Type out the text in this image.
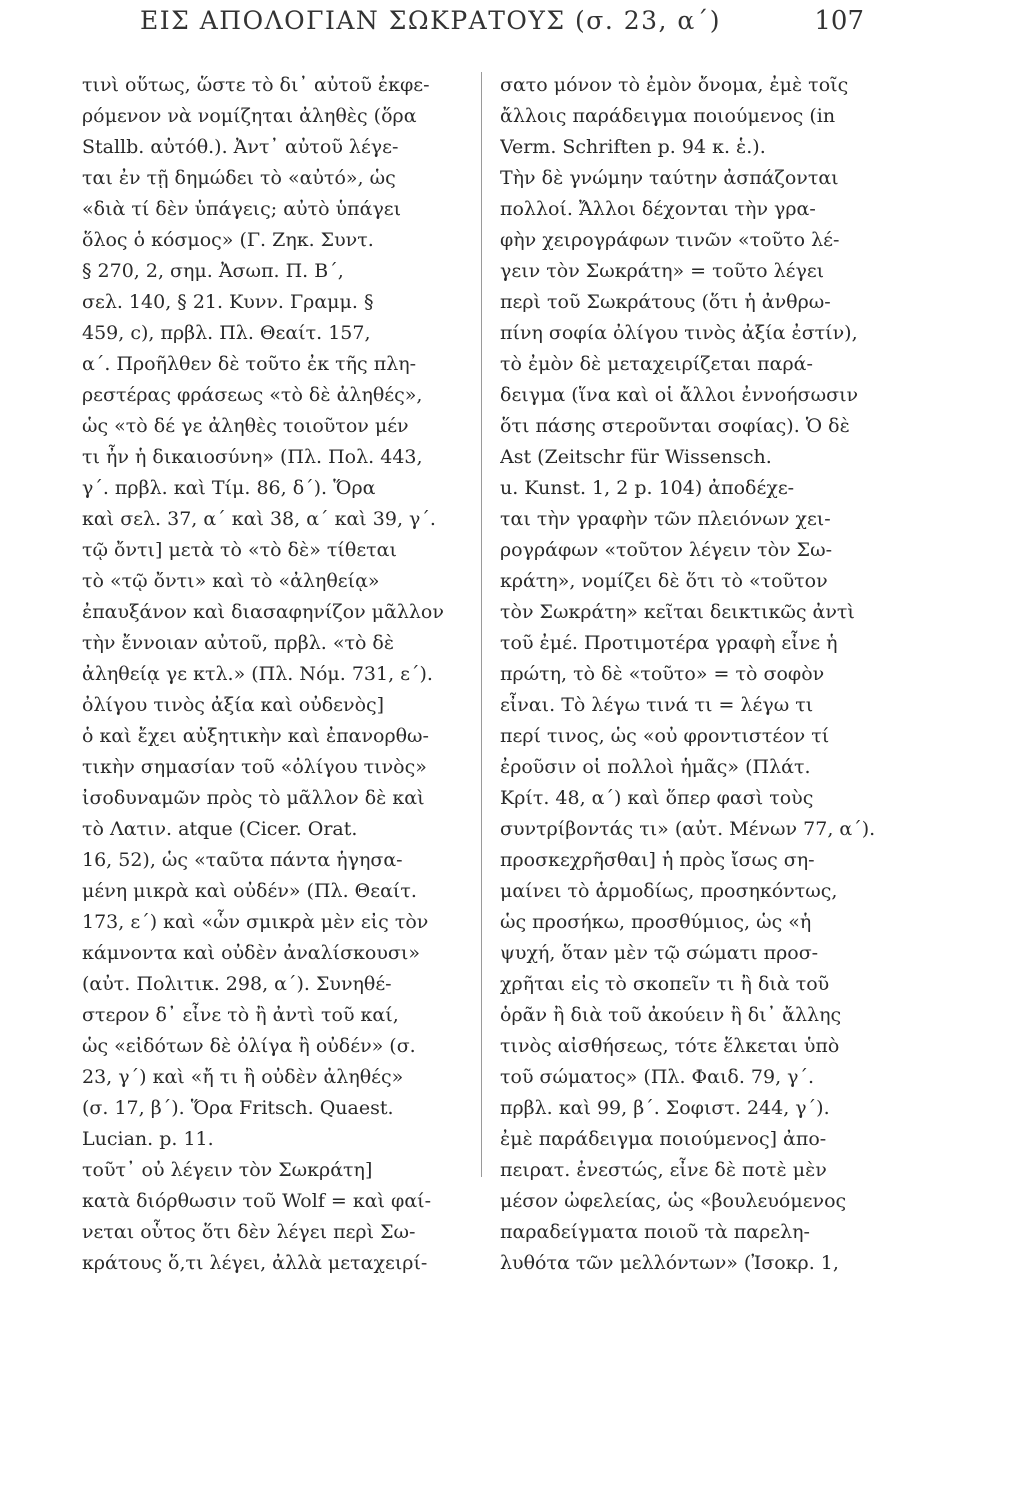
ΕΙΣ ΑΠΟΛΟΓΙΑΝ ΣΩΚΡΑΤΟΥΣ (σ. 23, α΄)	107
τινὶ οὕτως, ὥστε τὸ δι᾿ αὐτοῦ ἐκφε-
ρόμενον νὰ νομίζηται ἀληθὲς (ὅρα
Stallb. αὐτόθ.). Ἀντ᾿ αὐτοῦ λέγε-
ται ἐν τῇ δημώδει τὸ «αὐτό», ὡς
«διὰ τί δὲν ὑπάγεις; αὐτὸ ὑπάγει
ὅλος ὁ κόσμος» (Γ. Ζηκ. Συντ.
§ 270, 2, σημ. Ἀσωπ. Π. Β΄,
σελ. 140, § 21. Κυνν. Γραμμ. §
459, c), πρβλ. Πλ. Θεαίτ. 157,
α΄. Προῆλθεν δὲ τοῦτο ἐκ τῆς πλη-
ρεστέρας φράσεως «τὸ δὲ ἀληθές»,
ὡς «τὸ δέ γε ἀληθὲς τοιοῦτον μέν
τι ἦν ἡ δικαιοσύνη» (Πλ. Πολ. 443,
γ΄. πρβλ. καὶ Τίμ. 86, δ΄). Ὅρα
καὶ σελ. 37, α΄ καὶ 38, α΄ καὶ 39, γ΄.
τῷ ὄντι] μετὰ τὸ «τὸ δὲ» τίθεται
τὸ «τῷ ὄντι» καὶ τὸ «ἀληθείᾳ»
ἐπαυξάνον καὶ διασαφηνίζον μᾶλλον
τὴν ἔννοιαν αὐτοῦ, πρβλ. «τὸ δὲ
ἀληθείᾳ γε κτλ.» (Πλ. Νόμ. 731, ε΄).
ὀλίγου τινὸς ἀξία καὶ οὐδενὸς]
ὁ καὶ ἔχει αὐξητικὴν καὶ ἐπανορθω-
τικὴν σημασίαν τοῦ «ὀλίγου τινὸς»
ἰσοδυναμῶν πρὸς τὸ μᾶλλον δὲ καὶ
τὸ Λατιν. atque (Cicer. Orat.
16, 52), ὡς «ταῦτα πάντα ἡγησα-
μένη μικρὰ καὶ οὐδέν» (Πλ. Θεαίτ.
173, ε΄) καὶ «ὧν σμικρὰ μὲν εἰς τὸν
κάμνοντα καὶ οὐδὲν ἀναλίσκουσι»
(αὐτ. Πολιτικ. 298, α΄). Συνηθέ-
στερον δ᾿ εἶνε τὸ ἢ ἀντὶ τοῦ καί,
ὡς «εἰδότων δὲ ὀλίγα ἢ οὐδέν» (σ.
23, γ΄) καὶ «ἤ τι ἢ οὐδὲν ἀληθές»
(σ. 17, β΄). Ὅρα Fritsch. Quaest.
Lucian. p. 11.
τοῦτ᾿ οὐ λέγειν τὸν Σωκράτη]
κατὰ διόρθωσιν τοῦ Wolf = καὶ φαί-
νεται οὗτος ὅτι δὲν λέγει περὶ Σω-
κράτους ὅ,τι λέγει, ἀλλὰ μεταχειρί-
σατο μόνον τὸ ἐμὸν ὄνομα, ἐμὲ τοῖς
ἄλλοις παράδειγμα ποιούμενος (in
Verm. Schriften p. 94 κ. ἑ.).
Τὴν δὲ γνώμην ταύτην ἀσπάζονται
πολλοί. Ἄλλοι δέχονται τὴν γρα-
φὴν χειρογράφων τινῶν «τοῦτο λέ-
γειν τὸν Σωκράτη» = τοῦτο λέγει
περὶ τοῦ Σωκράτους (ὅτι ἡ ἀνθρω-
πίνη σοφία ὀλίγου τινὸς ἀξία ἐστίν),
τὸ ἐμὸν δὲ μεταχειρίζεται παρά-
δειγμα (ἵνα καὶ οἱ ἄλλοι ἐννοήσωσιν
ὅτι πάσης στεροῦνται σοφίας). Ὁ δὲ
Ast (Zeitschr für Wissensch.
u. Kunst. 1, 2 p. 104) ἀποδέχε-
ται τὴν γραφὴν τῶν πλειόνων χει-
ρογράφων «τοῦτον λέγειν τὸν Σω-
κράτη», νομίζει δὲ ὅτι τὸ «τοῦτον
τὸν Σωκράτη» κεῖται δεικτικῶς ἀντὶ
τοῦ ἐμέ. Προτιμοτέρα γραφὴ εἶνε ἡ
πρώτη, τὸ δὲ «τοῦτο» = τὸ σοφὸν
εἶναι. Τὸ λέγω τινά τι = λέγω τι
περί τινος, ὡς «οὐ φροντιστέον τί
ἐροῦσιν οἱ πολλοὶ ἡμᾶς» (Πλάτ.
Κρίτ. 48, α΄) καὶ ὅπερ φασὶ τοὺς
συντρίβοντάς τι» (αὐτ. Μένων 77, α΄).
προσκεχρῆσθαι] ἡ πρὸς ἴσως ση-
μαίνει τὸ ἁρμοδίως, προσηκόντως,
ὡς προσήκω, προσθύμιος, ὡς «ἡ
ψυχή, ὅταν μὲν τῷ σώματι προσ-
χρῆται εἰς τὸ σκοπεῖν τι ἢ διὰ τοῦ
ὁρᾶν ἢ διὰ τοῦ ἀκούειν ἢ δι᾿ ἄλλης
τινὸς αἰσθήσεως, τότε ἕλκεται ὑπὸ
τοῦ σώματος» (Πλ. Φαιδ. 79, γ΄.
πρβλ. καὶ 99, β΄. Σοφιστ. 244, γ΄).
ἐμὲ παράδειγμα ποιούμενος] ἀπο-
πειρατ. ἐνεστώς, εἶνε δὲ ποτὲ μὲν
μέσον ὠφελείας, ὡς «βουλευόμενος
παραδείγματα ποιοῦ τὰ παρελη-
λυθότα τῶν μελλόντων» (Ἰσοκρ. 1,
